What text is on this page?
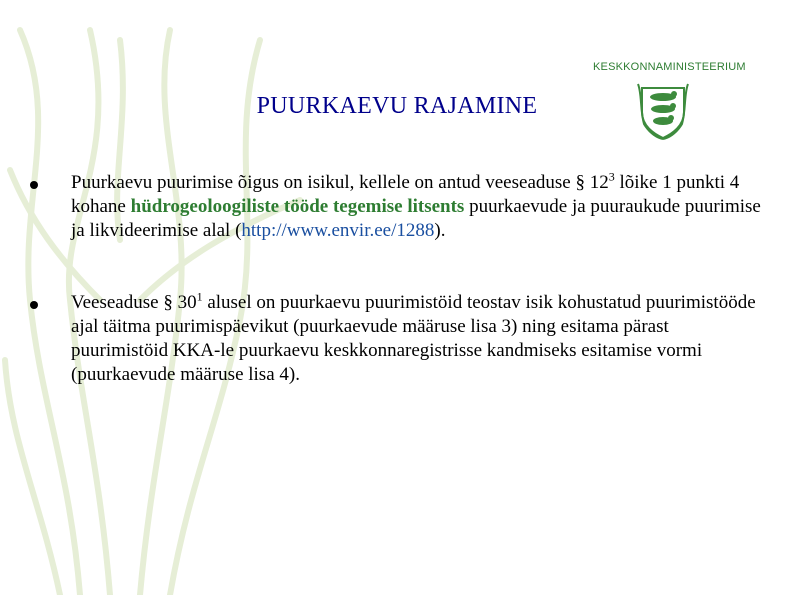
KESKKONNAMINISTEERIUM
PUURKAEVU RAJAMINE
Puurkaevu puurimise õigus on isikul, kellele on antud veeseaduse § $12^3$ lõike 1 punkti 4 kohane hüdrogeoloogiliste tööde tegemise litsents puurkaevude ja puuraukude puurimise ja likvideerimise alal (http://www.envir.ee/1288).
Veeseaduse § $30^1$ alusel on puurkaevu puurimistöid teostav isik kohustatud puurimistööde ajal täitma puurimispäevikut (puurkaevude määruse lisa 3) ning esitama pärast puurimistöid KKA-le puurkaevu keskkonnaregistrisse kandmiseks esitamise vormi (puurkaevude määruse lisa 4).
